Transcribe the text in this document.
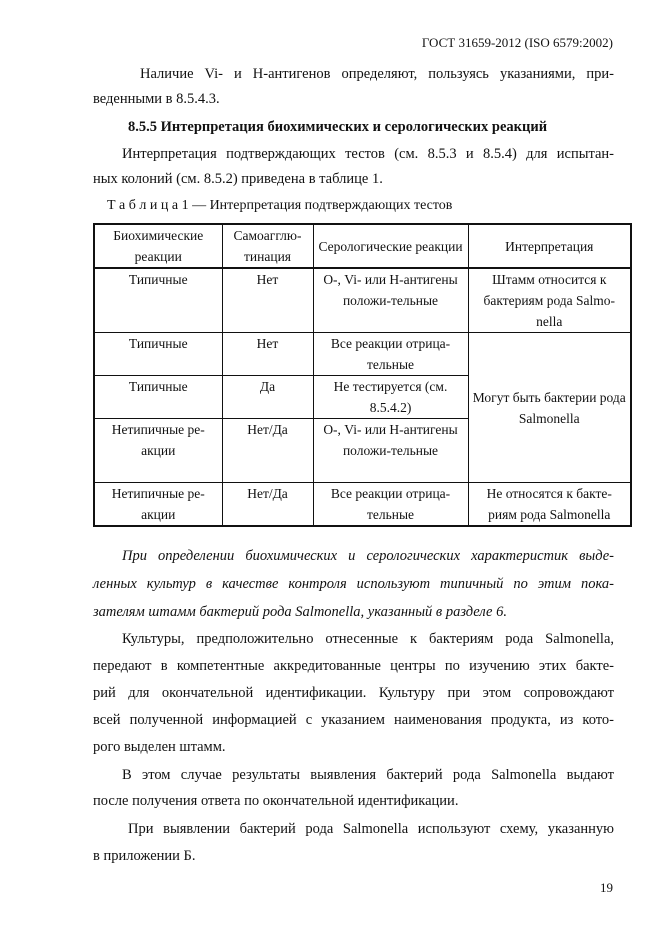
ГОСТ 31659-2012 (ISO 6579:2002)
Наличие Vi- и Н-антигенов определяют, пользуясь указаниями, при-
веденными в 8.5.4.3.
8.5.5 Интерпретация биохимических и серологических реакций
Интерпретация подтверждающих тестов (см. 8.5.3 и 8.5.4) для испытан-
ных колоний (см. 8.5.2) приведена в таблице 1.
Т а б л и ц а 1 — Интерпретация подтверждающих тестов
Биохимические реакции	Самоагглю-тинация	Серологические реакции	Интерпретация
Типичные	Нет	О-, Vi- или Н-антигены положи-тельные	Штамм относится к бактериям рода Salmo-nella
Типичные	Нет	Все реакции отрица-тельные	Могут быть бактерии рода Salmonella
Типичные	Да	Не тестируется (см. 8.5.4.2)	
Нетипичные ре-акции	Нет/Да	О-, Vi- или Н-антигены положи-тельные	
Нетипичные ре-акции	Нет/Да	Все реакции отрица-тельные	Не относятся к бакте-риям рода Salmonella
При определении биохимических и серологических характеристик выде-
ленных культур в качестве контроля используют типичный по этим пока-
зателям штамм бактерий рода Salmonella, указанный в разделе 6.
Культуры, предположительно отнесенные к бактериям рода Salmonella,
передают в компетентные аккредитованные центры по изучению этих бакте-
рий для окончательной идентификации. Культуру при этом сопровождают
всей полученной информацией с указанием наименования продукта, из кото-
рого выделен штамм.
В этом случае результаты выявления бактерий рода Salmonella выдают
после получения ответа по окончательной идентификации.
При выявлении бактерий рода Salmonella используют схему, указанную
в приложении Б.
19
